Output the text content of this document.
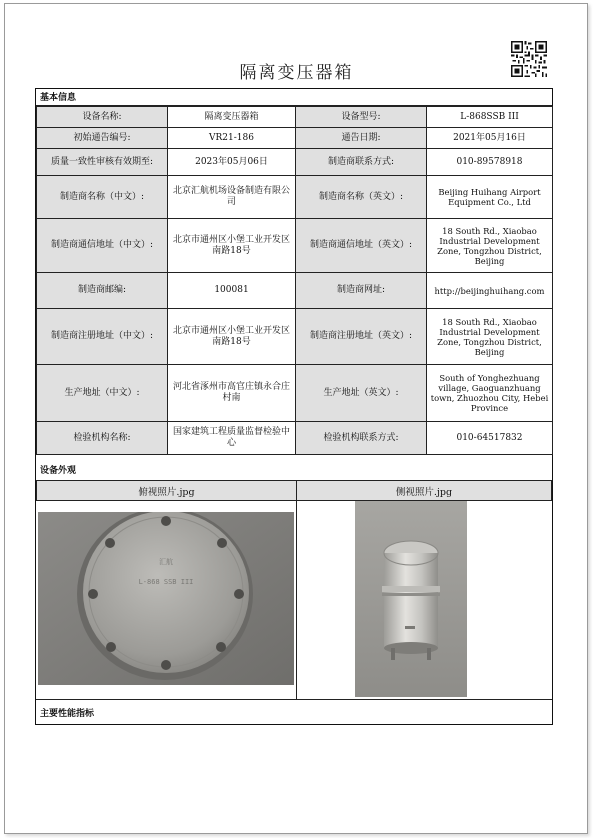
隔离变压器箱
基本信息
设备名称:	隔离变压器箱	设备型号:	L-868SSB III
初始通告编号:	VR21-186	通告日期:	2021年05月16日
质量一致性审核有效期至:	2023年05月06日	制造商联系方式:	010-89578918
制造商名称（中文）:	北京汇航机场设备制造有限公司	制造商名称（英文）:	Beijing Huihang Airport Equipment Co., Ltd
制造商通信地址（中文）:	北京市通州区小堡工业开发区南路18号	制造商通信地址（英文）:	18 South Rd., Xiaobao Industrial Development Zone, Tongzhou District, Beijing
制造商邮编:	100081	制造商网址:	http://beijinghuihang.com
制造商注册地址（中文）:	北京市通州区小堡工业开发区南路18号	制造商注册地址（英文）:	18 South Rd., Xiaobao Industrial Development Zone, Tongzhou District, Beijing
生产地址（中文）:	河北省涿州市高官庄镇永合庄村南	生产地址（英文）:	South of Yonghezhuang village, Gaoguanzhuang town, Zhuozhou City, Hebei Province
检验机构名称:	国家建筑工程质量监督检验中心	检验机构联系方式:	010-64517832
设备外观
俯视照片.jpg	侧视照片.jpg
汇航
L-868 SSB III
主要性能指标
